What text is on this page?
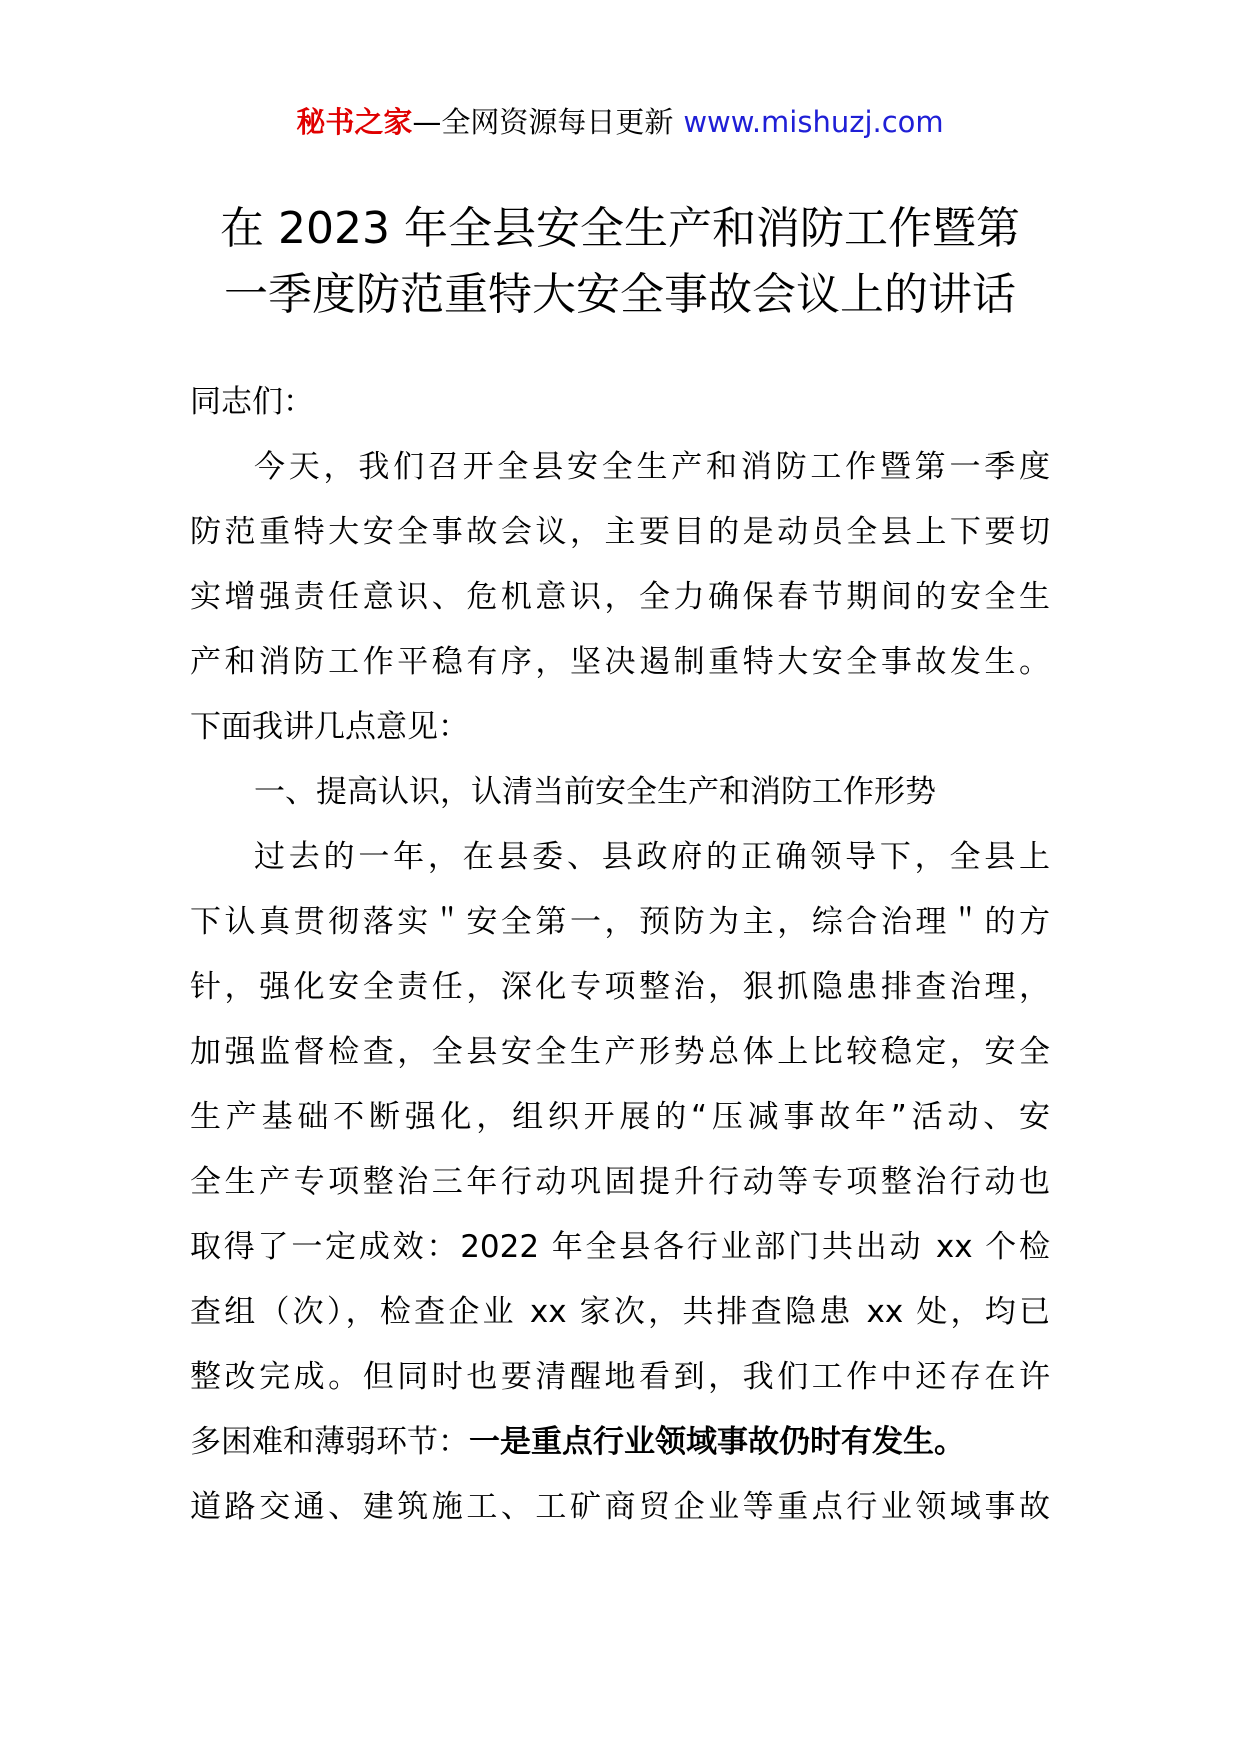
秘书之家—全网资源每日更新 www.mishuzj.com
在 2023 年全县安全生产和消防工作暨第
一季度防范重特大安全事故会议上的讲话
同志们：
今天，我们召开全县安全生产和消防工作暨第一季度
防范重特大安全事故会议，主要目的是动员全县上下要切
实增强责任意识、危机意识，全力确保春节期间的安全生
产和消防工作平稳有序，坚决遏制重特大安全事故发生。
下面我讲几点意见：
一、提高认识，认清当前安全生产和消防工作形势
过去的一年，在县委、县政府的正确领导下，全县上
下认真贯彻落实＂安全第一，预防为主，综合治理＂的方
针，强化安全责任，深化专项整治，狠抓隐患排查治理，
加强监督检查，全县安全生产形势总体上比较稳定，安全
生产基础不断强化，组织开展的“压减事故年”活动、安
全生产专项整治三年行动巩固提升行动等专项整治行动也
取得了一定成效：2022 年全县各行业部门共出动 xx 个检
查组（次），检查企业 xx 家次，共排查隐患 xx 处，均已
整改完成。但同时也要清醒地看到，我们工作中还存在许
多困难和薄弱环节：一是重点行业领域事故仍时有发生。
道路交通、建筑施工、工矿商贸企业等重点行业领域事故
